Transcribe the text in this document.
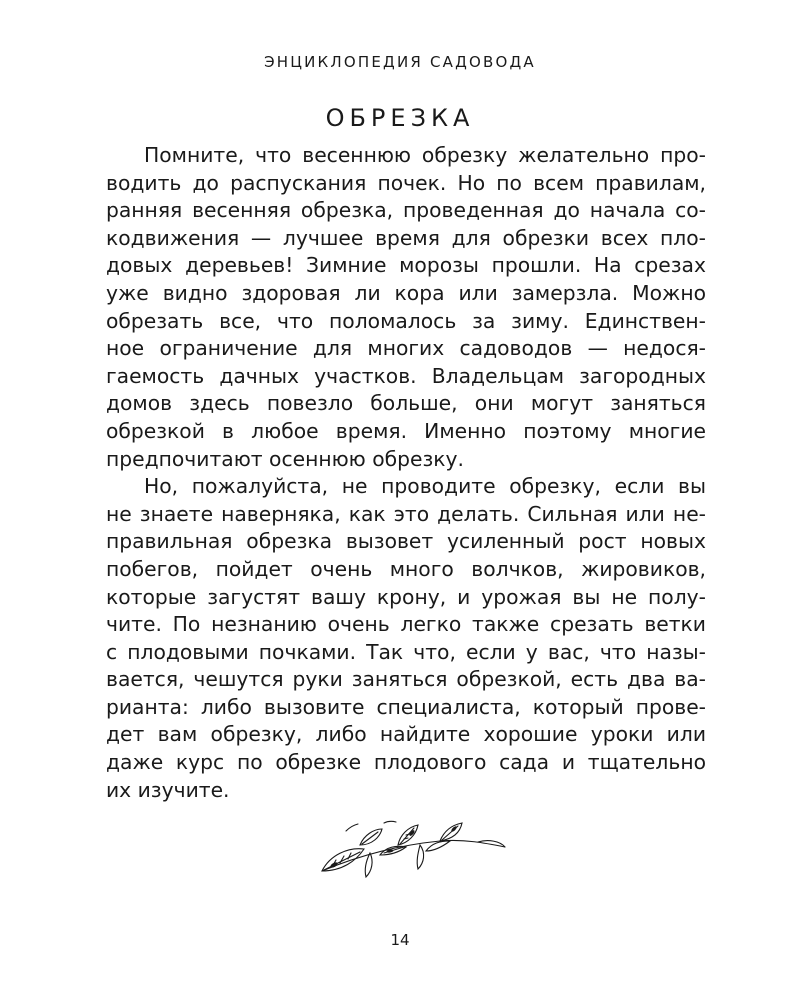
ЭНЦИКЛОПЕДИЯ САДОВОДА
ОБРЕЗКА
Помните, что весеннюю обрезку желательно про-
водить до распускания почек. Но по всем правилам,
ранняя весенняя обрезка, проведенная до начала со-
кодвижения — лучшее время для обрезки всех пло-
довых деревьев! Зимние морозы прошли. На срезах
уже видно здоровая ли кора или замерзла. Можно
обрезать все, что поломалось за зиму. Единствен-
ное ограничение для многих садоводов — недося-
гаемость дачных участков. Владельцам загородных
домов здесь повезло больше, они могут заняться
обрезкой в любое время. Именно поэтому многие
предпочитают осеннюю обрезку.
Но, пожалуйста, не проводите обрезку, если вы
не знаете наверняка, как это делать. Сильная или не-
правильная обрезка вызовет усиленный рост новых
побегов, пойдет очень много волчков, жировиков,
которые загустят вашу крону, и урожая вы не полу-
чите. По незнанию очень легко также срезать ветки
с плодовыми почками. Так что, если у вас, что назы-
вается, чешутся руки заняться обрезкой, есть два ва-
рианта: либо вызовите специалиста, который прове-
дет вам обрезку, либо найдите хорошие уроки или
даже курс по обрезке плодового сада и тщательно
их изучите.
14
